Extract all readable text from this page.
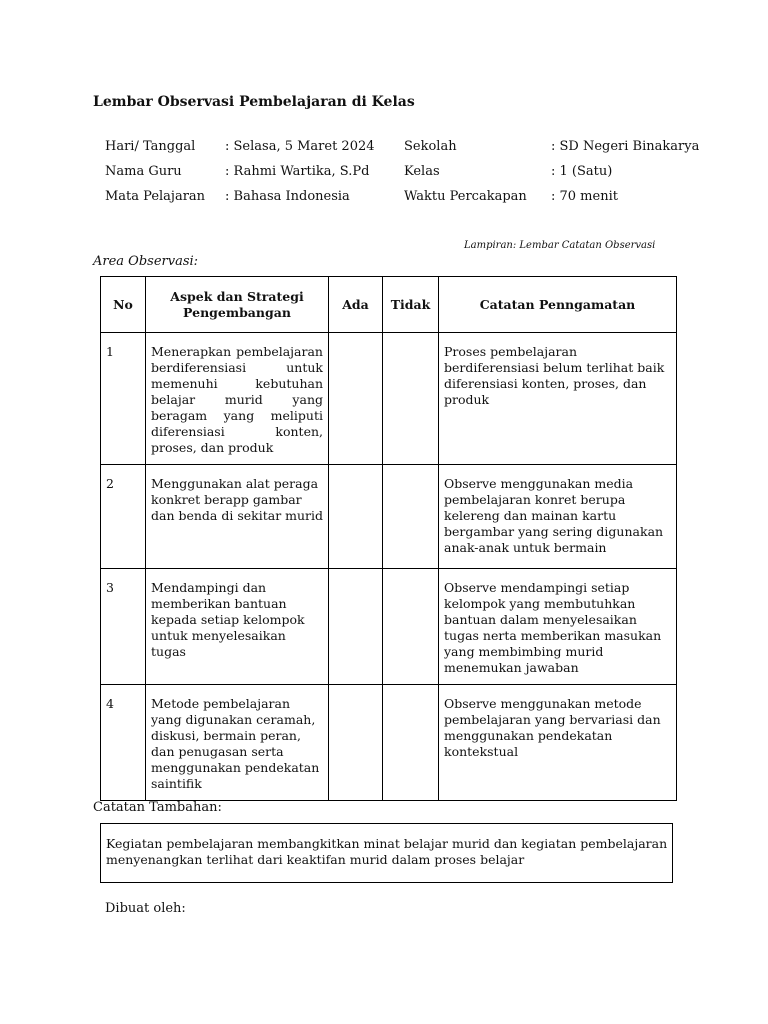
Lembar Observasi Pembelajaran di Kelas
Hari/ Tanggal : Selasa, 5 Maret 2024
Nama Guru	: Rahmi Wartika, S.Pd
Mata Pelajaran : Bahasa Indonesia
Sekolah	: SD Negeri Binakarya
Kelas	: 1 (Satu)
Waktu Percakapan : 70 menit
Lampiran: Lembar Catatan Observasi
Area Observasi:
No	Aspek dan Strategi Pengembangan	Ada	Tidak	Catatan Penngamatan
1	Menerapkan pembelajaran berdiferensiasi untuk memenuhi kebutuhan belajar murid yang beragam yang meliputi diferensiasi konten, proses, dan produk			Proses pembelajaran berdiferensiasi belum terlihat baik diferensiasi konten, proses, dan produk
2	Menggunakan alat peraga konkret berapp gambar dan benda di sekitar murid			Observe menggunakan media pembelajaran konret berupa kelereng dan mainan kartu bergambar yang sering digunakan anak-anak untuk bermain
3	Mendampingi dan memberikan bantuan kepada setiap kelompok untuk menyelesaikan tugas			Observe mendampingi setiap kelompok yang membutuhkan bantuan dalam menyelesaikan tugas nerta memberikan masukan yang membimbing murid menemukan jawaban
4	Metode pembelajaran yang digunakan ceramah, diskusi, bermain peran, dan penugasan serta menggunakan pendekatan saintifik			Observe menggunakan metode pembelajaran yang bervariasi dan menggunakan pendekatan kontekstual
Catatan Tambahan:
Kegiatan pembelajaran membangkitkan minat belajar murid dan kegiatan pembelajaran menyenangkan terlihat dari keaktifan murid dalam proses belajar
Dibuat oleh:
